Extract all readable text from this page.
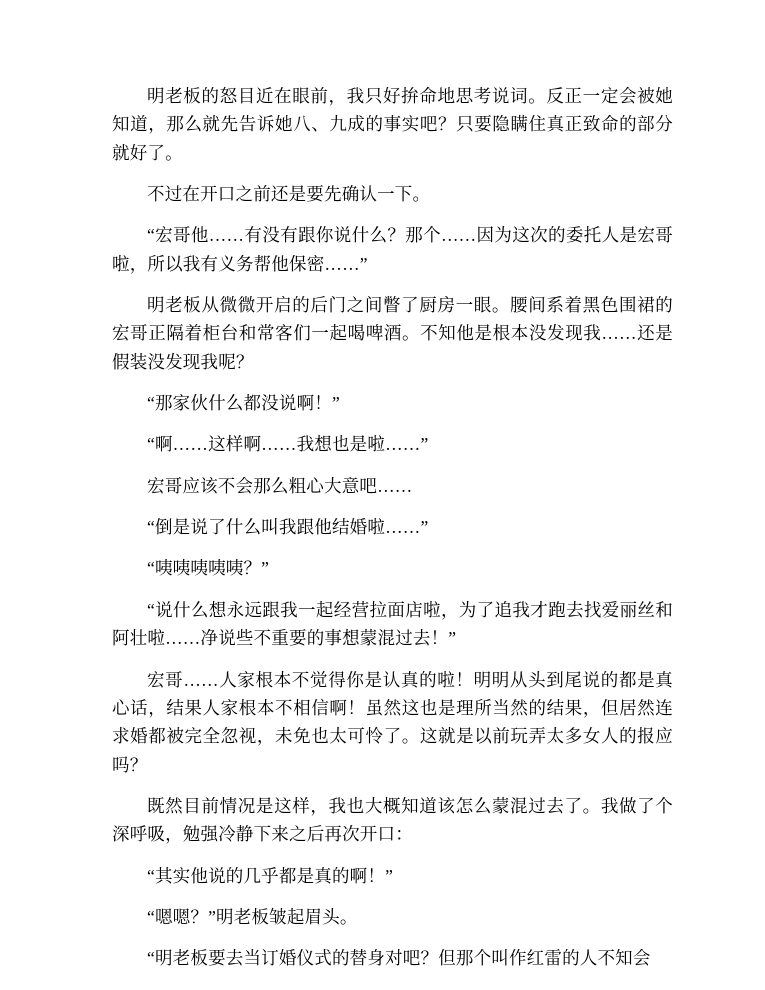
明老板的怒目近在眼前，我只好拚命地思考说词。反正一定会被她知道，那么就先告诉她八、九成的事实吧？只要隐瞒住真正致命的部分就好了。

不过在开口之前还是要先确认一下。

“宏哥他……有没有跟你说什么？那个……因为这次的委托人是宏哥啦，所以我有义务帮他保密……”

明老板从微微开启的后门之间瞥了厨房一眼。腰间系着黑色围裙的宏哥正隔着柜台和常客们一起喝啤酒。不知他是根本没发现我……还是假装没发现我呢？

“那家伙什么都没说啊！”

“啊……这样啊……我想也是啦……”

宏哥应该不会那么粗心大意吧……

“倒是说了什么叫我跟他结婚啦……”

“咦咦咦咦咦？”

“说什么想永远跟我一起经营拉面店啦，为了追我才跑去找爱丽丝和阿壮啦……净说些不重要的事想蒙混过去！”

宏哥……人家根本不觉得你是认真的啦！明明从头到尾说的都是真心话，结果人家根本不相信啊！虽然这也是理所当然的结果，但居然连求婚都被完全忽视，未免也太可怜了。这就是以前玩弄太多女人的报应吗？

既然目前情况是这样，我也大概知道该怎么蒙混过去了。我做了个深呼吸，勉强冷静下来之后再次开口：

“其实他说的几乎都是真的啊！”

“嗯嗯？”明老板皱起眉头。

“明老板要去当订婚仪式的替身对吧？但那个叫作红雷的人不知会
